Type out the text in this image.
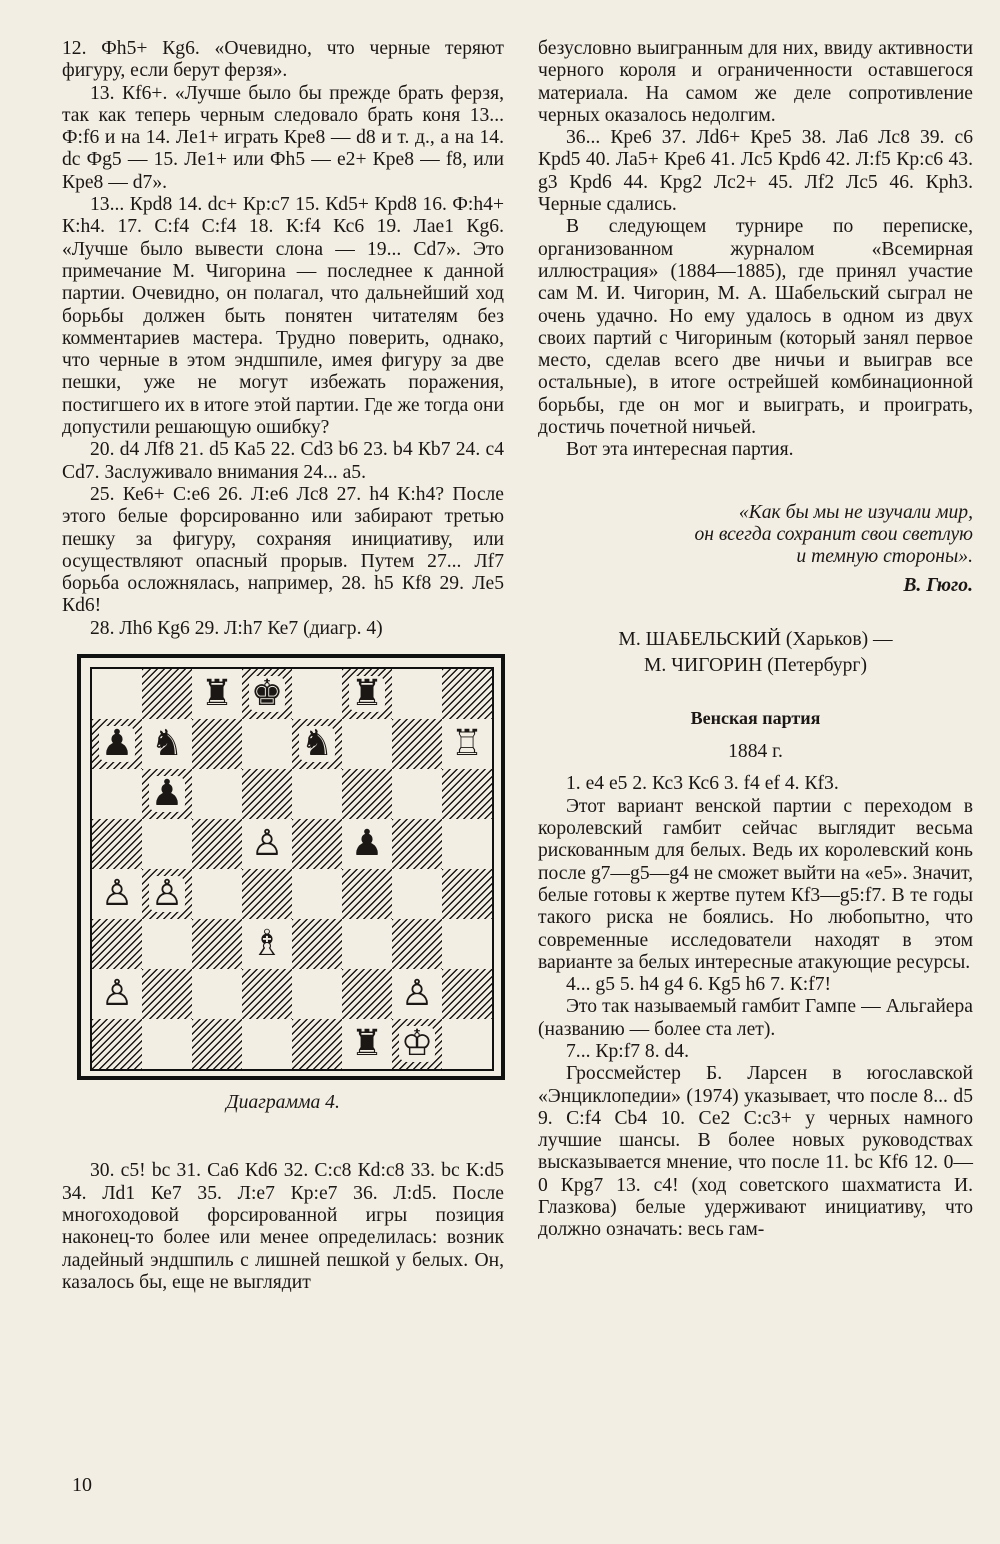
12. Фh5+ Кg6. «Очевидно, что черные теряют фигуру, если берут ферзя».

13. Кf6+. «Лучше было бы прежде брать ферзя, так как теперь черным следовало брать коня 13... Ф:f6 и на 14. Лe1+ играть Кре8 — d8 и т. д., а на 14. dc Фg5 — 15. Лe1+ или Фh5 — e2+ Кре8 — f8, или Кре8 — d7».

13... Крd8 14. dc+ Кр:c7 15. Кd5+ Крd8 16. Ф:h4+ К:h4. 17. С:f4 С:f4 18. К:f4 Кс6 19. Лае1 Кg6. «Лучше было вывести слона — 19... Сd7». Это примечание М. Чигорина — последнее к данной партии. Очевидно, он полагал, что дальнейший ход борьбы должен быть понятен читателям без комментариев мастера. Трудно поверить, однако, что черные в этом эндшпиле, имея фигуру за две пешки, уже не могут избежать поражения, постигшего их в итоге этой партии. Где же тогда они допустили решающую ошибку?

20. d4 Лf8 21. d5 Кa5 22. Сd3 b6 23. b4 Кb7 24. c4 Сd7. Заслуживало внимания 24... a5.

25. Ке6+ С:e6 26. Л:e6 Лc8 27. h4 К:h4? После этого белые форсированно или забирают третью пешку за фигуру, сохраняя инициативу, или осуществляют опасный прорыв. Путем 27... Лf7 борьба осложнялась, например, 28. h5 Кf8 29. Лe5 Кd6!

28. Лh6 Кg6 29. Л:h7 Ке7 (диагр. 4)

♜ ♚ ♜
♟ ♞	♞	♖
♟
♙ ♟
♙ ♙
♗
♙	♙
♜ ♔
Диаграмма 4.

30. c5! bc 31. Сa6 Кd6 32. С:c8 Кd:c8 33. bc К:d5 34. Лd1 Ке7 35. Л:e7 Кр:e7 36. Л:d5. После многоходовой форсированной игры позиция наконец-то более или менее определилась: возник ладейный эндшпиль с лишней пешкой у белых. Он, казалось бы, еще не выглядит

безусловно выигранным для них, ввиду активности черного короля и ограниченности оставшегося материала. На самом же деле сопротивление черных оказалось недолгим.

36... Кре6 37. Лd6+ Кре5 38. Лa6 Лс8 39. c6 Крd5 40. Лa5+ Кре6 41. Лс5 Крd6 42. Л:f5 Кр:c6 43. g3 Крd6 44. Крg2 Лс2+ 45. Лf2 Лс5 46. Крh3. Черные сдались.

В следующем турнире по переписке, организованном журналом «Всемирная иллюстрация» (1884—1885), где принял участие сам М. И. Чигорин, М. А. Шабельский сыграл не очень удачно. Но ему удалось в одном из двух своих партий с Чигориным (который занял первое место, сделав всего две ничьи и выиграв все остальные), в итоге острейшей комбинационной борьбы, где он мог и выиграть, и проиграть, достичь почетной ничьей.

Вот эта интересная партия.

«Как бы мы не изучали мир,
он всегда сохранит свои светлую
и темную стороны».
В. Гюго.
М. ШАБЕЛЬСКИЙ (Харьков) —
М. ЧИГОРИН (Петербург)
Венская партия
1884 г.

1. e4 e5 2. Кс3 Кс6 3. f4 ef 4. Кf3.

Этот вариант венской партии с переходом в королевский гамбит сейчас выглядит весьма рискованным для белых. Ведь их королевский конь после g7—g5—g4 не сможет выйти на «е5». Значит, белые готовы к жертве путем Кf3—g5:f7. В те годы такого риска не боялись. Но любопытно, что современные исследователи находят в этом варианте за белых интересные атакующие ресурсы.

4... g5 5. h4 g4 6. Кg5 h6 7. К:f7!

Это так называемый гамбит Гампе — Альгайера (названию — более ста лет).

7... Кр:f7 8. d4.

Гроссмейстер Б. Ларсен в югославской «Энциклопедии» (1974) указывает, что после 8... d5 9. С:f4 Сb4 10. Се2 С:c3+ у черных намного лучшие шансы. В более новых руководствах высказывается мнение, что после 11. bc Кf6 12. 0—0 Крg7 13. c4! (ход советского шахматиста И. Глазкова) белые удерживают инициативу, что должно означать: весь гам-

10
